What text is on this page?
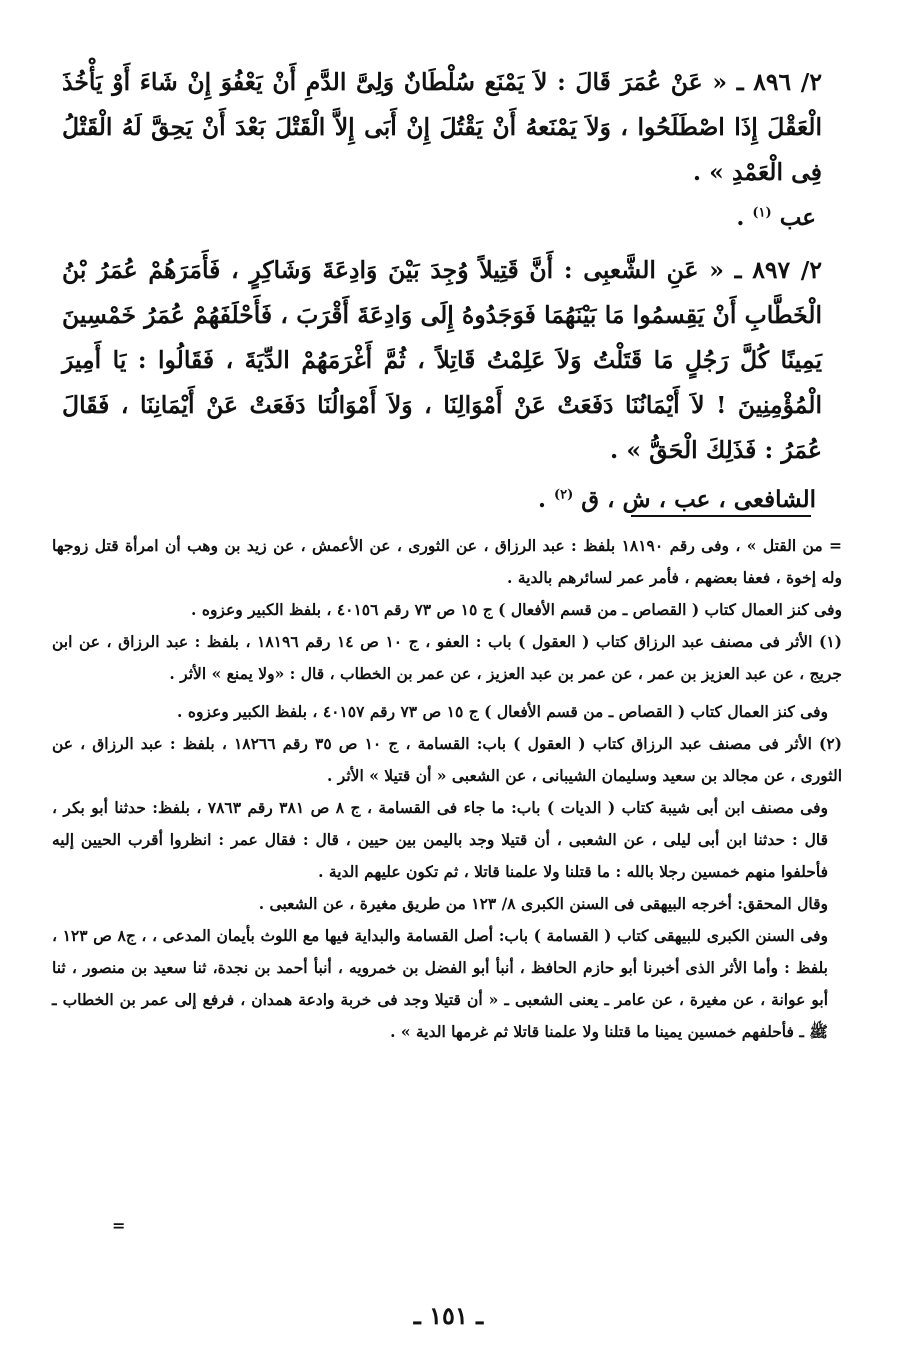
٢/ ٨٩٦ ـ « عَنْ عُمَرَ قَالَ : لاَ يَمْنَع سُلْطَانٌ وَلِىَّ الدَّمِ أَنْ يَعْفُوَ إِنْ شَاءَ أَوْ يَأْخُذَ الْعَقْلَ إِذَا اصْطَلَحُوا ، وَلاَ يَمْنَعهُ أَنْ يَقْتُلَ إِنْ أَبَى إِلاَّ الْقَتْلَ بَعْدَ أَنْ يَحِقَّ لَهُ الْقَتْلُ فِى الْعَمْدِ » .

عب $^{(١)}$ .

٢/ ٨٩٧ ـ « عَنِ الشَّعبِى : أَنَّ قَتِيلاً وُجِدَ بَيْنَ وَادِعَةَ وَشَاكِرٍ ، فَأَمَرَهُمْ عُمَرُ بْنُ الْخَطَّابِ أَنْ يَقِسمُوا مَا بَيْنَهُمَا فَوَجَدُوهُ إِلَى وَادِعَةَ أَقْرَبَ ، فَأَحْلَفَهُمْ عُمَرُ خَمْسِينَ يَمِينًا كُلَّ رَجُلٍ مَا قَتَلْتُ وَلاَ عَلِمْتُ قَاتِلاً ، ثُمَّ أَغْرَمَهُمْ الدِّيَةَ ، فَقَالُوا : يَا أَمِيرَ الْمُؤْمِنِينَ ! لاَ أَيْمَانُنَا دَفَعَتْ عَنْ أَمْوَالِنَا ، وَلاَ أَمْوَالُنَا دَفَعَتْ عَنْ أَيْمَانِنَا ، فَقَالَ عُمَرُ : فَذَلِكَ الْحَقُّ » .

الشافعى ، عب ، ش ، ق $^{(٢)}$ .

= من القتل » ، وفى رقم ١٨١٩٠ بلفظ : عبد الرزاق ، عن الثورى ، عن الأعمش ، عن زيد بن وهب أن امرأة قتل زوجها وله إخوة ، فعفا بعضهم ، فأمر عمر لسائرهم بالدية .

وفى كنز العمال كتاب ( القصاص ـ من قسم الأفعال ) ج ١٥ ص ٧٣ رقم ٤٠١٥٦ ، بلفظ الكبير وعزوه .

(١) الأثر فى مصنف عبد الرزاق كتاب ( العقول ) باب : العفو ، ج ١٠ ص ١٤ رقم ١٨١٩٦ ، بلفظ : عبد الرزاق ، عن ابن جريج ، عن عبد العزيز بن عمر ، عن عمر بن عبد العزيز ، عن عمر بن الخطاب ، قال : «ولا يمنع » الأثر .

وفى كنز العمال كتاب ( القصاص ـ من قسم الأفعال ) ج ١٥ ص ٧٣ رقم ٤٠١٥٧ ، بلفظ الكبير وعزوه .

(٢) الأثر فى مصنف عبد الرزاق كتاب ( العقول ) باب: القسامة ، ج ١٠ ص ٣٥ رقم ١٨٢٦٦ ، بلفظ : عبد الرزاق ، عن الثورى ، عن مجالد بن سعيد وسليمان الشيبانى ، عن الشعبى « أن قتيلا » الأثر .

وفى مصنف ابن أبى شيبة كتاب ( الديات ) باب: ما جاء فى القسامة ، ج ٨ ص ٣٨١ رقم ٧٨٦٣ ، بلفظ: حدثنا أبو بكر ، قال : حدثنا ابن أبى ليلى ، عن الشعبى ، أن قتيلا وجد باليمن بين حيين ، قال : فقال عمر : انظروا أقرب الحيين إليه فأحلفوا منهم خمسين رجلا بالله : ما قتلنا ولا علمنا قاتلا ، ثم تكون عليهم الدية .

وقال المحقق: أخرجه البيهقى فى السنن الكبرى ٨/ ١٢٣ من طريق مغيرة ، عن الشعبى .

وفى السنن الكبرى للبيهقى كتاب ( القسامة ) باب: أصل القسامة والبداية فيها مع اللوث بأيمان المدعى ، ، ج٨ ص ١٢٣ ، بلفظ : وأما الأثر الذى أخبرنا أبو حازم الحافظ ، أنبأ أبو الفضل بن خمرويه ، أنبأ أحمد بن نجدة، ثنا سعيد بن منصور ، ثنا أبو عوانة ، عن مغيرة ، عن عامر ـ يعنى الشعبى ـ « أن قتيلا وجد فى خربة وادعة همدان ، فرفع إلى عمر بن الخطاب ـ ﷺ ـ فأحلفهم خمسين يمينا ما قتلنا ولا علمنا قاتلا ثم غرمها الدية » .

=
ـ ١٥١ ـ
